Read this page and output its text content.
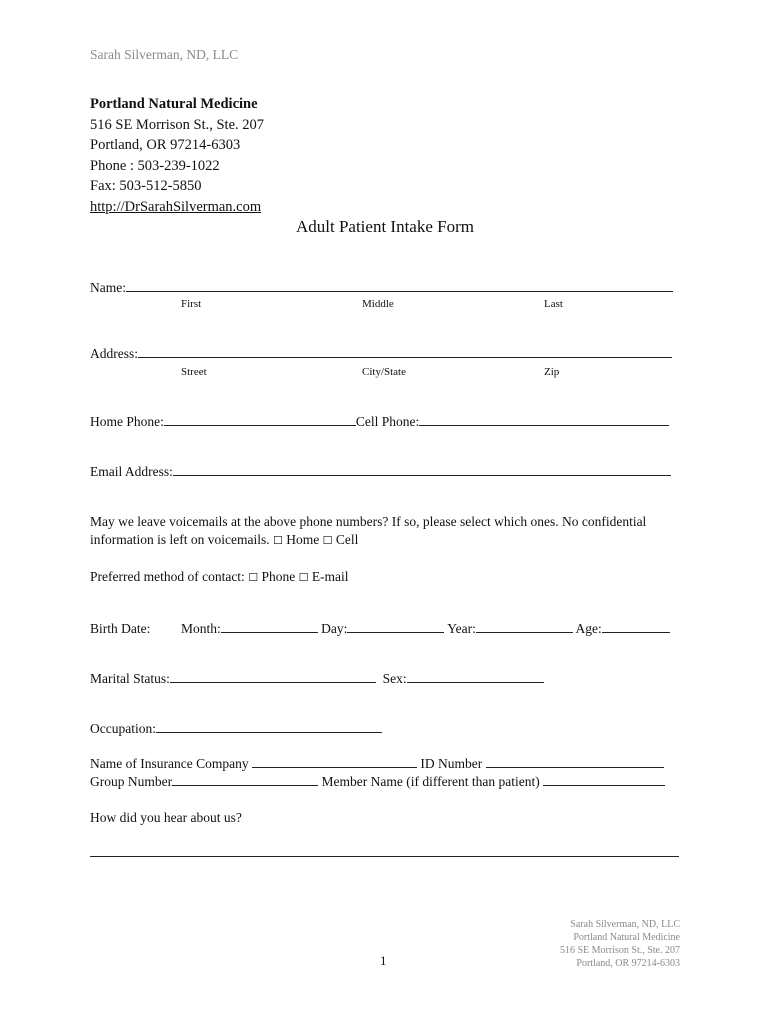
Sarah Silverman, ND, LLC
Portland Natural Medicine
516 SE Morrison St., Ste. 207
Portland, OR 97214-6303
Phone : 503-239-1022
Fax: 503-512-5850
http://DrSarahSilverman.com
Adult Patient Intake Form
Name:
First	Middle	Last
Address:
Street	City/State	Zip
Home Phone:	Cell Phone:
Email Address:
May we leave voicemails at the above phone numbers? If so, please select which ones. No confidential information is left on voicemails. ☐ Home ☐ Cell
Preferred method of contact: ☐ Phone ☐ E-mail
Birth Date: Month:	Day:	Year:	Age:
Marital Status:	Sex:
Occupation:
Name of Insurance Company	ID Number
Group Number	Member Name (if different than patient)
How did you hear about us?
1
Sarah Silverman, ND, LLC
Portland Natural Medicine
516 SE Morrison St., Ste. 207
Portland, OR 97214-6303
